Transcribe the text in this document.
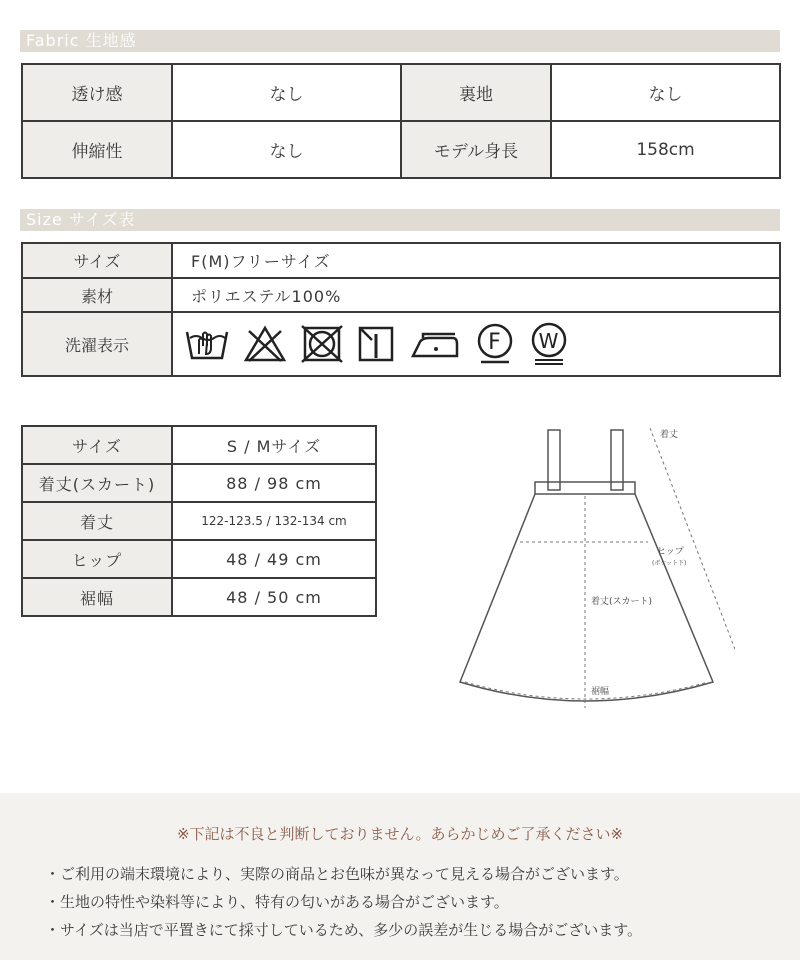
Fabric 生地感
透け感	なし	裏地	なし
伸縮性	なし	モデル身長	158cm
Size サイズ表
サイズ	F(M)フリーサイズ
素材	ポリエステル100%
洗濯表示	F W
サイズ	S / Mサイズ
着丈(スカート)	88 / 98 cm
着丈	122-123.5 / 132-134 cm
ヒップ	48 / 49 cm
裾幅	48 / 50 cm
着丈
ヒップ
(ポケット下)
着丈(スカート)
裾幅
※下記は不良と判断しておりません。あらかじめご了承ください※
・ご利用の端末環境により、実際の商品とお色味が異なって見える場合がございます。
・生地の特性や染料等により、特有の匂いがある場合がございます。
・サイズは当店で平置きにて採寸しているため、多少の誤差が生じる場合がございます。
